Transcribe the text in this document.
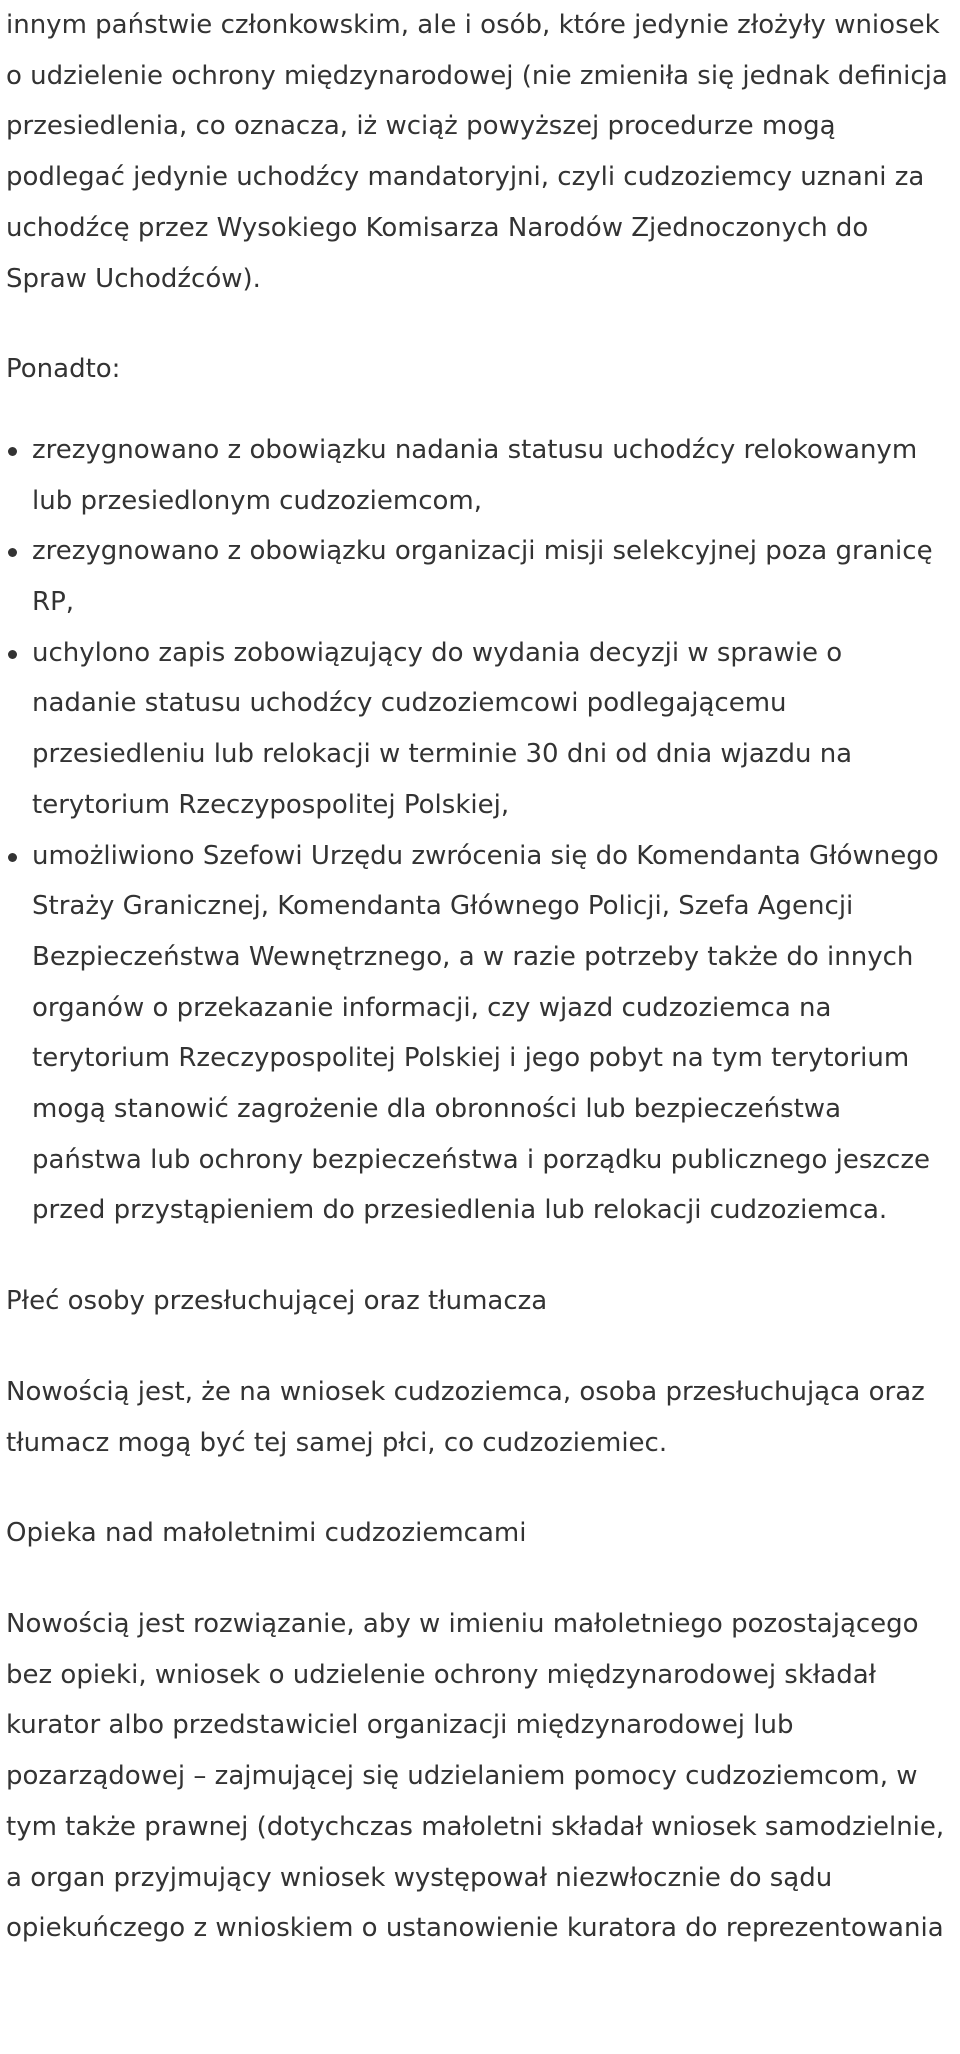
innym państwie członkowskim, ale i osób, które jedynie złożyły wniosek o udzielenie ochrony międzynarodowej (nie zmieniła się jednak definicja przesiedlenia, co oznacza, iż wciąż powyższej procedurze mogą podlegać jedynie uchodźcy mandatoryjni, czyli cudzoziemcy uznani za uchodźcę przez Wysokiego Komisarza Narodów Zjednoczonych do Spraw Uchodźców).

Ponadto:

zrezygnowano z obowiązku nadania statusu uchodźcy relokowanym lub przesiedlonym cudzoziemcom,
zrezygnowano z obowiązku organizacji misji selekcyjnej poza granicę RP,
uchylono zapis zobowiązujący do wydania decyzji w sprawie o nadanie statusu uchodźcy cudzoziemcowi podlegającemu przesiedleniu lub relokacji w terminie 30 dni od dnia wjazdu na terytorium Rzeczypospolitej Polskiej,
umożliwiono Szefowi Urzędu zwrócenia się do Komendanta Głównego Straży Granicznej, Komendanta Głównego Policji, Szefa Agencji Bezpieczeństwa Wewnętrznego, a w razie potrzeby także do innych organów o przekazanie informacji, czy wjazd cudzoziemca na terytorium Rzeczypospolitej Polskiej i jego pobyt na tym terytorium mogą stanowić zagrożenie dla obronności lub bezpieczeństwa państwa lub ochrony bezpieczeństwa i porządku publicznego jeszcze przed przystąpieniem do przesiedlenia lub relokacji cudzoziemca.
Płeć osoby przesłuchującej oraz tłumacza

Nowością jest, że na wniosek cudzoziemca, osoba przesłuchująca oraz tłumacz mogą być tej samej płci, co cudzoziemiec.

Opieka nad małoletnimi cudzoziemcami

Nowością jest rozwiązanie, aby w imieniu małoletniego pozostającego bez opieki, wniosek o udzielenie ochrony międzynarodowej składał kurator albo przedstawiciel organizacji międzynarodowej lub pozarządowej – zajmującej się udzielaniem pomocy cudzoziemcom, w tym także prawnej (dotychczas małoletni składał wniosek samodzielnie, a organ przyjmujący wniosek występował niezwłocznie do sądu opiekuńczego z wnioskiem o ustanowienie kuratora do reprezentowania
